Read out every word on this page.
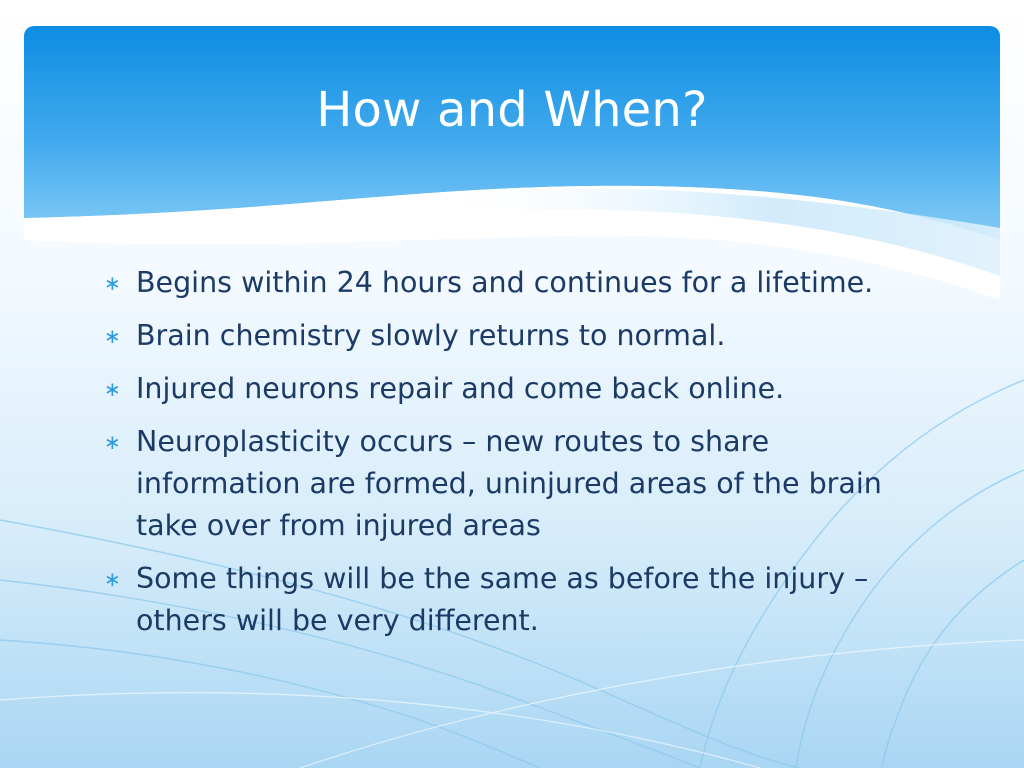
How and When?
∗ Begins within 24 hours and continues for a lifetime.
∗ Brain chemistry slowly returns to normal.
∗ Injured neurons repair and come back online.
∗ Neuroplasticity occurs – new routes to share information are formed, uninjured areas of the brain take over from injured areas
∗ Some things will be the same as before the injury – others will be very different.
